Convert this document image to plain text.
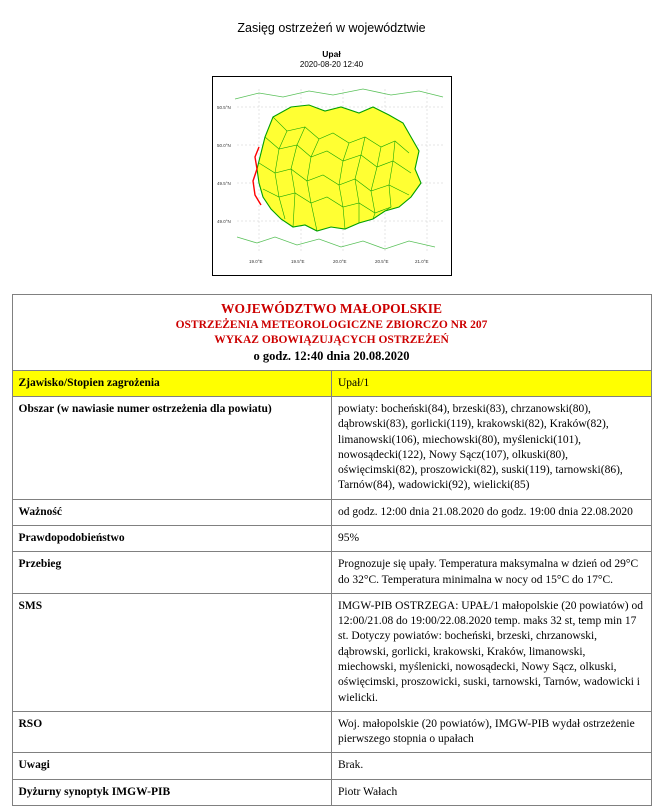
Zasięg ostrzeżeń w województwie
Upał
2020-08-20 12:40
50.5°N
50.0°N
49.5°N
49.0°N
19.0°E	19.5°E	20.0°E	20.5°E	21.0°E
WOJEWÓDZTWO MAŁOPOLSKIE
OSTRZEŻENIA METEOROLOGICZNE ZBIORCZO NR 207
WYKAZ OBOWIĄZUJĄCYCH OSTRZEŻEŃ
o godz. 12:40 dnia 20.08.2020	

Zjawisko/Stopien zagrożenia	Upał/1
Obszar (w nawiasie numer ostrzeżenia dla powiatu)	powiaty: bocheński(84), brzeski(83), chrzanowski(80), dąbrowski(83), gorlicki(119), krakowski(82), Kraków(82), limanowski(106), miechowski(80), myślenicki(101), nowosądecki(122), Nowy Sącz(107), olkuski(80), oświęcimski(82), proszowicki(82), suski(119), tarnowski(86), Tarnów(84), wadowicki(92), wielicki(85)
Ważność	od godz. 12:00 dnia 21.08.2020 do godz. 19:00 dnia 22.08.2020
Prawdopodobieństwo	95%
Przebieg	Prognozuje się upały. Temperatura maksymalna w dzień od 29°C do 32°C. Temperatura minimalna w nocy od 15°C do 17°C.
SMS	IMGW-PIB OSTRZEGA: UPAŁ/1 małopolskie (20 powiatów) od 12:00/21.08 do 19:00/22.08.2020 temp. maks 32 st, temp min 17 st. Dotyczy powiatów: bocheński, brzeski, chrzanowski, dąbrowski, gorlicki, krakowski, Kraków, limanowski, miechowski, myślenicki, nowosądecki, Nowy Sącz, olkuski, oświęcimski, proszowicki, suski, tarnowski, Tarnów, wadowicki i wielicki.
RSO	Woj. małopolskie (20 powiatów), IMGW-PIB wydał ostrzeżenie pierwszego stopnia o upałach
Uwagi	Brak.
Dyżurny synoptyk IMGW-PIB	Piotr Wałach
